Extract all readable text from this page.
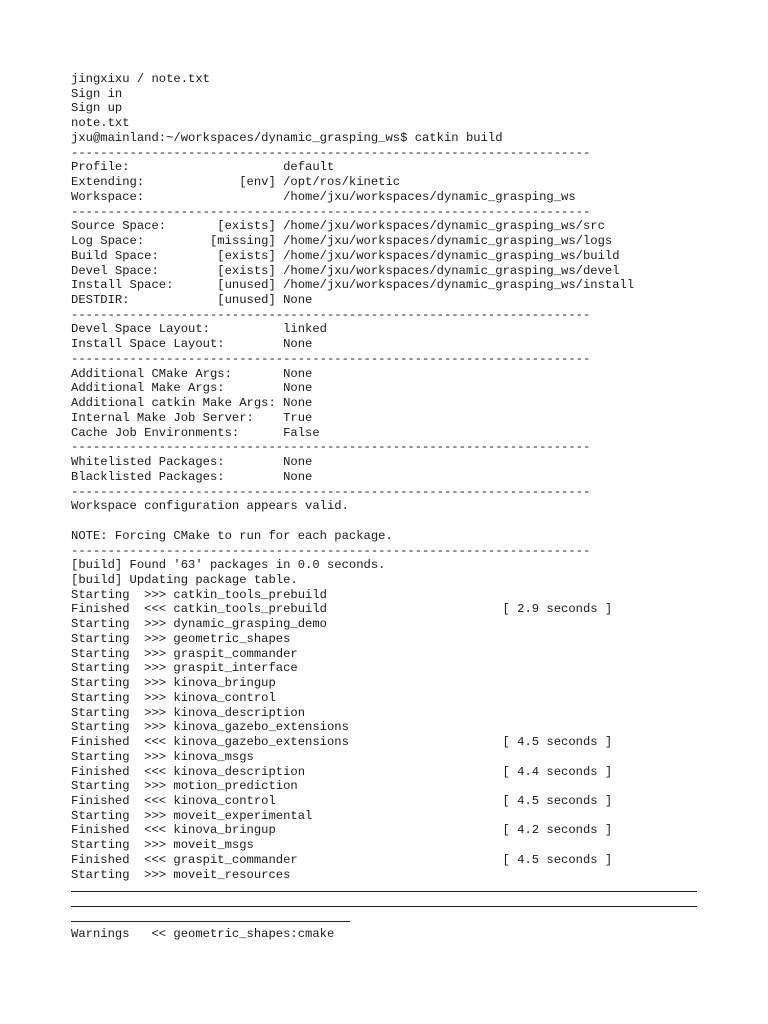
jingxixu / note.txt
Sign in
Sign up
note.txt
jxu@mainland:~/workspaces/dynamic_grasping_ws$ catkin build
-----------------------------------------------------------------------
Profile:                     default
Extending:             [env] /opt/ros/kinetic
Workspace:                   /home/jxu/workspaces/dynamic_grasping_ws
-----------------------------------------------------------------------
Source Space:       [exists] /home/jxu/workspaces/dynamic_grasping_ws/src
Log Space:         [missing] /home/jxu/workspaces/dynamic_grasping_ws/logs
Build Space:        [exists] /home/jxu/workspaces/dynamic_grasping_ws/build
Devel Space:        [exists] /home/jxu/workspaces/dynamic_grasping_ws/devel
Install Space:      [unused] /home/jxu/workspaces/dynamic_grasping_ws/install
DESTDIR:            [unused] None
-----------------------------------------------------------------------
Devel Space Layout:          linked
Install Space Layout:        None
-----------------------------------------------------------------------
Additional CMake Args:       None
Additional Make Args:        None
Additional catkin Make Args: None
Internal Make Job Server:    True
Cache Job Environments:      False
-----------------------------------------------------------------------
Whitelisted Packages:        None
Blacklisted Packages:        None
-----------------------------------------------------------------------
Workspace configuration appears valid.
NOTE: Forcing CMake to run for each package.
-----------------------------------------------------------------------
[build] Found '63' packages in 0.0 seconds.
[build] Updating package table.
Starting  >>> catkin_tools_prebuild
Finished  <<< catkin_tools_prebuild                        [ 2.9 seconds ]
Starting  >>> dynamic_grasping_demo
Starting  >>> geometric_shapes
Starting  >>> graspit_commander
Starting  >>> graspit_interface
Starting  >>> kinova_bringup
Starting  >>> kinova_control
Starting  >>> kinova_description
Starting  >>> kinova_gazebo_extensions
Finished  <<< kinova_gazebo_extensions                     [ 4.5 seconds ]
Starting  >>> kinova_msgs
Finished  <<< kinova_description                           [ 4.4 seconds ]
Starting  >>> motion_prediction
Finished  <<< kinova_control                               [ 4.5 seconds ]
Starting  >>> moveit_experimental
Finished  <<< kinova_bringup                               [ 4.2 seconds ]
Starting  >>> moveit_msgs
Finished  <<< graspit_commander                            [ 4.5 seconds ]
Starting  >>> moveit_resources
Warnings   << geometric_shapes:cmake
